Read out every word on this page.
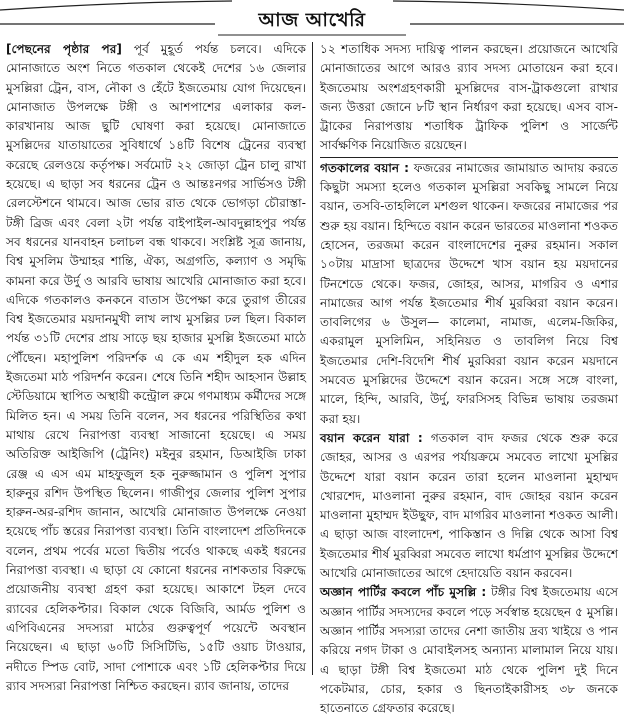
আজ আখেরি

[পেছনের পৃষ্ঠার পর] পূর্ব মুহূর্ত পর্যন্ত চলবে। এদিকে মোনাজাতে অংশ নিতে গতকাল থেকেই দেশের ১৬ জেলার মুসল্লিরা ট্রেন, বাস, নৌকা ও হেঁটে ইজতেমায় যোগ দিয়েছেন। মোনাজাত উপলক্ষে টঙ্গী ও আশপাশের এলাকার কল-কারখানায় আজ ছুটি ঘোষণা করা হয়েছে। মোনাজাতে মুসল্লিদের যাতায়াতের সুবিধার্থে ১৪টি বিশেষ ট্রেনের ব্যবস্থা করেছে রেলওয়ে কর্তৃপক্ষ। সর্বমোট ২২ জোড়া ট্রেন চালু রাখা হয়েছে। এ ছাড়া সব ধরনের ট্রেন ও আন্তঃনগর সার্ভিসও টঙ্গী রেলস্টেশনে থামবে। আজ ভোর রাত থেকে ভোগড়া চৌরাস্তা-টঙ্গী ব্রিজ এবং বেলা ২টা পর্যন্ত বাইপাইল-আবদুল্লাহপুর পর্যন্ত সব ধরনের যানবাহন চলাচল বন্ধ থাকবে। সংশ্লিষ্ট সূত্র জানায়, বিশ্ব মুসলিম উম্মাহর শান্তি, ঐক্য, অগ্রগতি, কল্যাণ ও সমৃদ্ধি কামনা করে উর্দু ও আরবি ভাষায় আখেরি মোনাজাত করা হবে। এদিকে গতকালও কনকনে বাতাস উপেক্ষা করে তুরাগ তীরের বিশ্ব ইজতেমার ময়দানমুখী লাখ লাখ মুসল্লির ঢল ছিল। বিকাল পর্যন্ত ৩১টি দেশের প্রায় সাড়ে ছয় হাজার মুসল্লি ইজতেমা মাঠে পৌঁছেন। মহাপুলিশ পরিদর্শক এ কে এম শহীদুল হক এদিন ইজতেমা মাঠ পরিদর্শন করেন। শেষে তিনি শহীদ আহসান উল্লাহ স্টেডিয়ামে স্থাপিত অস্থায়ী কন্ট্রোল রুমে গণমাধ্যম কর্মীদের সঙ্গে মিলিত হন। এ সময় তিনি বলেন, সব ধরনের পরিস্থিতির কথা মাথায় রেখে নিরাপত্তা ব্যবস্থা সাজানো হয়েছে। এ সময় অতিরিক্ত আইজিপি (ট্রেনিং) মইনুর রহমান, ডিআইজি ঢাকা রেঞ্জ এ এস এম মাহফুজুল হক নুরুজ্জামান ও পুলিশ সুপার হারুনুর রশিদ উপস্থিত ছিলেন। গাজীপুর জেলার পুলিশ সুপার হারুন-অর-রশিদ জানান, আখেরি মোনাজাত উপলক্ষে নেওয়া হয়েছে পাঁচ স্তরের নিরাপত্তা ব্যবস্থা। তিনি বাংলাদেশ প্রতিদিনকে বলেন, প্রথম পর্বের মতো দ্বিতীয় পর্বেও থাকছে একই ধরনের নিরাপত্তা ব্যবস্থা। এ ছাড়া যে কোনো ধরনের নাশকতার বিরুদ্ধে প্রয়োজনীয় ব্যবস্থা গ্রহণ করা হয়েছে। আকাশে টহল দেবে র‌্যাবের হেলিকপ্টার। বিকাল থেকে বিজিবি, আর্মড পুলিশ ও এপিবিএনের সদস্যরা মাঠের গুরুত্বপূর্ণ পয়েন্টে অবস্থান নিয়েছেন। এ ছাড়া ৬০টি সিসিটিভি, ১৫টি ওয়াচ টাওয়ার, নদীতে স্পিড বোট, সাদা পোশাকে এবং ১টি হেলিকপ্টার দিয়ে র‌্যাব সদস্যরা নিরাপত্তা নিশ্চিত করছেন। র‌্যাব জানায়, তাদের

১২ শতাধিক সদস্য দায়িত্ব পালন করছেন। প্রয়োজনে আখেরি মোনাজাতের আগে আরও র‌্যাব সদস্য মোতায়েন করা হবে। ইজতেমায় অংশগ্রহণকারী মুসল্লিদের বাস-ট্রাকগুলো রাখার জন্য উত্তরা জোনে ৮টি স্থান নির্ধারণ করা হয়েছে। এসব বাস-ট্রাকের নিরাপত্তায় শতাধিক ট্রাফিক পুলিশ ও সার্জেন্ট সার্বক্ষণিক নিয়োজিত রয়েছেন।

গতকালের বয়ান : ফজরের নামাজের জামায়াত আদায় করতে কিছুটা সমস্যা হলেও গতকাল মুসল্লিরা সবকিছু সামলে নিয়ে বয়ান, তসবি-তাহলিলে মশগুল থাকেন। ফজরের নামাজের পর শুরু হয় বয়ান। হিন্দিতে বয়ান করেন ভারতের মাওলানা শওকত হোসেন, তরজমা করেন বাংলাদেশের নুরুর রহমান। সকাল ১০টায় মাদ্রাসা ছাত্রদের উদ্দেশে খাস বয়ান হয় ময়দানের টিনশেডে থেকে। ফজর, জোহর, আসর, মাগরিব ও এশার নামাজের আগ পর্যন্ত ইজতেমার শীর্ষ মুরব্বিরা বয়ান করেন। তাবলিগের ৬ উসুল— কালেমা, নামাজ, এলেম-জিকির, একরামুল মুসলিমিন, সহিনিয়ত ও তাবলিগ নিয়ে বিশ্ব ইজতেমার দেশি-বিদেশি শীর্ষ মুরব্বিরা বয়ান করেন ময়দানে সমবেত মুসল্লিদের উদ্দেশে বয়ান করেন। সঙ্গে সঙ্গে বাংলা, মালে, হিন্দি, আরবি, উর্দু, ফারসিসহ বিভিন্ন ভাষায় তরজমা করা হয়।

বয়ান করেন যারা : গতকাল বাদ ফজর থেকে শুরু করে জোহর, আসর ও এরপর পর্যায়ক্রমে সমবেত লাখো মুসল্লির উদ্দেশে যারা বয়ান করেন তারা হলেন মাওলানা মুহাম্মদ খোরশেদ, মাওলানা নুরুর রহমান, বাদ জোহর বয়ান করেন মাওলানা মুহাম্মদ ইউছুফ, বাদ মাগরিব মাওলানা শওকত আলী। এ ছাড়া আজ বাংলাদেশ, পাকিস্তান ও দিল্লি থেকে আসা বিশ্ব ইজতেমার শীর্ষ মুরব্বিরা সমবেত লাখো ধর্মপ্রাণ মুসল্লির উদ্দেশে আখেরি মোনাজাতের আগে হেদায়েতি বয়ান করবেন।

অজ্ঞান পার্টির কবলে পাঁচ মুসল্লি : টঙ্গীর বিশ্ব ইজতেমায় এসে অজ্ঞান পার্টির সদস্যদের কবলে পড়ে সর্বস্বান্ত হয়েছেন ৫ মুসল্লি। অজ্ঞান পার্টির সদস্যরা তাদের নেশা জাতীয় দ্রব্য খাইয়ে ও পান করিয়ে নগদ টাকা ও মোবাইলসহ অন্যান্য মালামাল নিয়ে যায়। এ ছাড়া টঙ্গী বিশ্ব ইজতেমা মাঠ থেকে পুলিশ দুই দিনে পকেটমার, চোর, হকার ও ছিনতাইকারীসহ ৩৮ জনকে হাতেনাতে গ্রেফতার করেছে।
